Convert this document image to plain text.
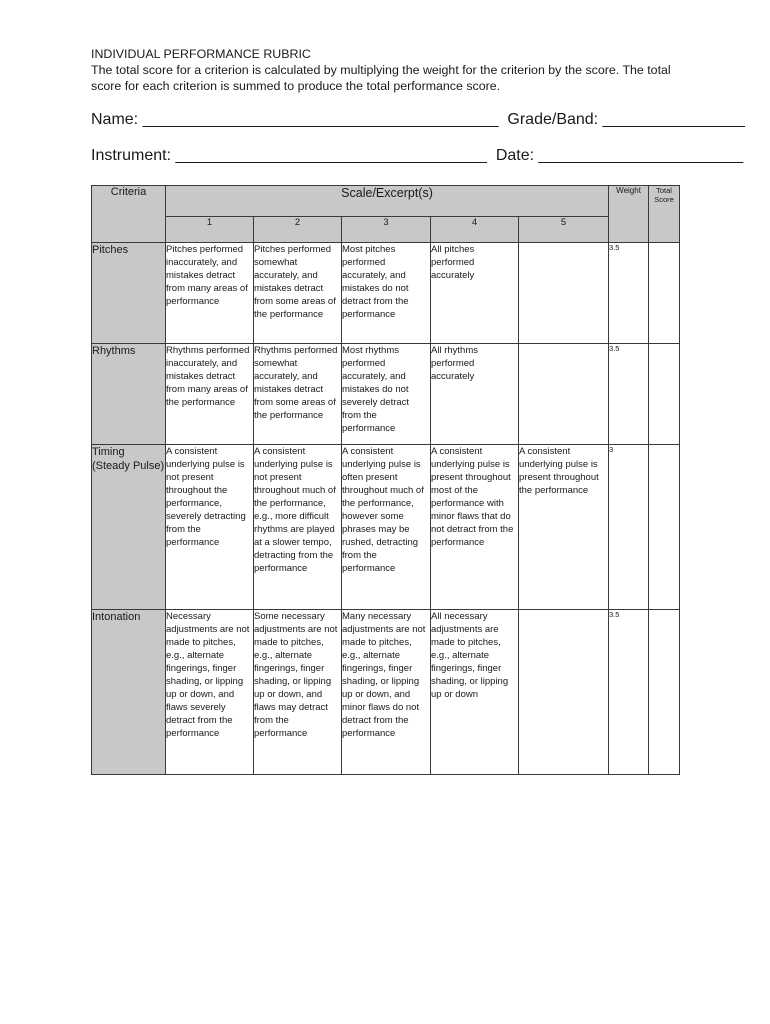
INDIVIDUAL PERFORMANCE RUBRIC

The total score for a criterion is calculated by multiplying the weight for the criterion by the score. The total score for each criterion is summed to produce the total performance score.

Name: ________________________________________  Grade/Band: ________________
Instrument: ___________________________________  Date: _______________________
Criteria	Scale/Excerpt(s)					Weight	Total Score
	1	2	3	4	5		
Pitches	Pitches performed inaccurately, and mistakes detract from many areas of performance	Pitches performed somewhat accurately, and mistakes detract from some areas of the performance	Most pitches performed accurately, and mistakes do not detract from the performance	All pitches performed accurately		3.5	
Rhythms	Rhythms performed inaccurately, and mistakes detract from many areas of the performance	Rhythms performed somewhat accurately, and mistakes detract from some areas of the performance	Most rhythms performed accurately, and mistakes do not severely detract from the performance	All rhythms performed accurately		3.5	
Timing (Steady Pulse)	A consistent underlying pulse is not present throughout the performance, severely detracting from the performance	A consistent underlying pulse is not present throughout much of the performance, e.g., more difficult rhythms are played at a slower tempo, detracting from the performance	A consistent underlying pulse is often present throughout much of the performance, however some phrases may be rushed, detracting from the performance	A consistent underlying pulse is present throughout most of the performance with minor flaws that do not detract from the performance	A consistent underlying pulse is present throughout the performance	3	
Intonation	Necessary adjustments are not made to pitches, e.g., alternate fingerings, finger shading, or lipping up or down, and flaws severely detract from the performance	Some necessary adjustments are not made to pitches, e.g., alternate fingerings, finger shading, or lipping up or down, and flaws may detract from the performance	Many necessary adjustments are not made to pitches, e.g., alternate fingerings, finger shading, or lipping up or down, and minor flaws do not detract from the performance	All necessary adjustments are made to pitches, e.g., alternate fingerings, finger shading, or lipping up or down		3.5	
